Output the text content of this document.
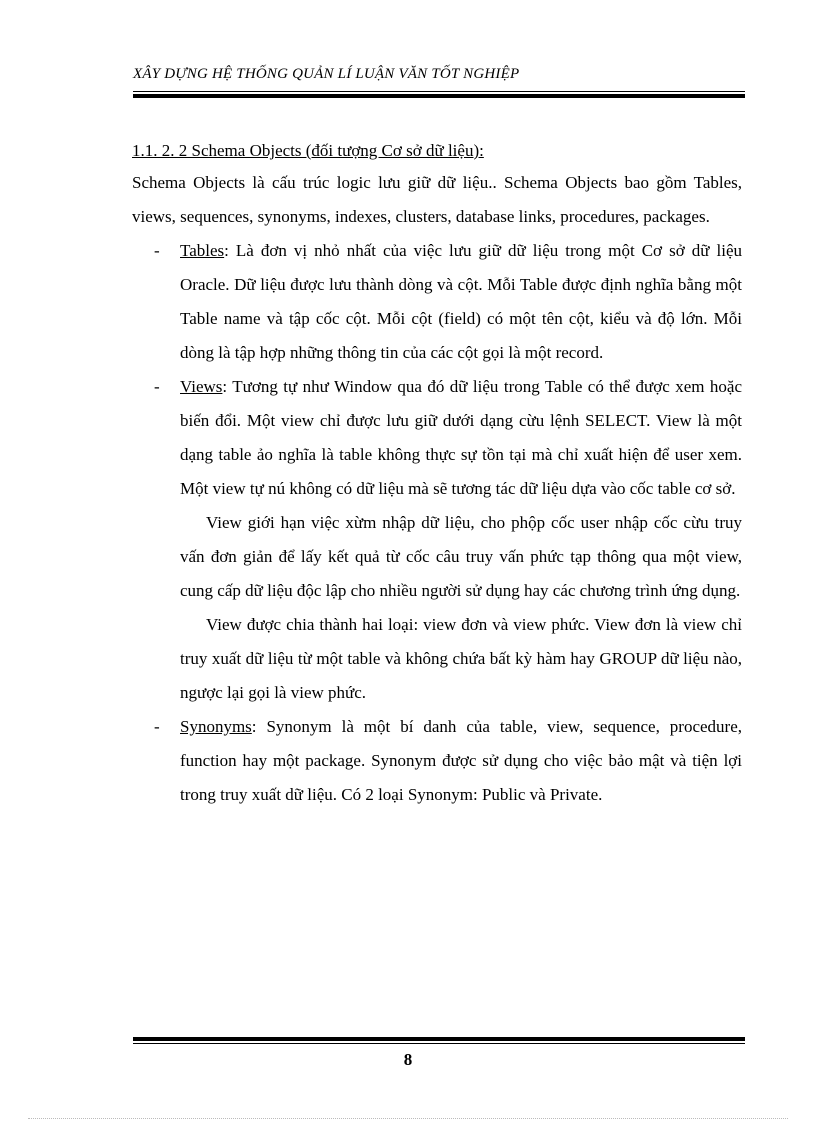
XÂY DỰNG HỆ THỐNG QUẢN LÍ LUẬN VĂN TỐT NGHIỆP

1.1. 2. 2 Schema Objects (đối tượng Cơ sở dữ liệu):

Schema Objects là cấu trúc logic lưu giữ dữ liệu.. Schema Objects bao gồm Tables, views, sequences, synonyms, indexes, clusters, database links, procedures, packages.

- Tables: Là đơn vị nhỏ nhất của việc lưu giữ dữ liệu trong một Cơ sở dữ liệu Oracle. Dữ liệu được lưu thành dòng và cột. Mỗi Table được định nghĩa bằng một Table name và tập cốc cột. Mỗi cột (field) có một tên cột, kiểu và độ lớn. Mỗi dòng là tập hợp những thông tin của các cột gọi là một record.

- Views: Tương tự như Window qua đó dữ liệu trong Table có thể được xem hoặc biến đổi. Một view chỉ được lưu giữ dưới dạng cừu lệnh SELECT. View là một dạng table ảo nghĩa là table không thực sự tồn tại mà chỉ xuất hiện để user xem. Một view tự nú không có dữ liệu mà sẽ tương tác dữ liệu dựa vào cốc table cơ sở.

View giới hạn việc xừm nhập dữ liệu, cho phộp cốc user nhập cốc cừu truy vấn đơn giản để lấy kết quả từ cốc câu truy vấn phức tạp thông qua một view, cung cấp dữ liệu độc lập cho nhiều người sử dụng hay các chương trình ứng dụng.

View được chia thành hai loại: view đơn và view phức. View đơn là view chỉ truy xuất dữ liệu từ một table và không chứa bất kỳ hàm hay GROUP dữ liệu nào, ngược lại gọi là view phức.

- Synonyms: Synonym là một bí danh của table, view, sequence, procedure, function hay một package. Synonym được sử dụng cho việc bảo mật và tiện lợi trong truy xuất dữ liệu. Có 2 loại Synonym: Public và Private.

8
